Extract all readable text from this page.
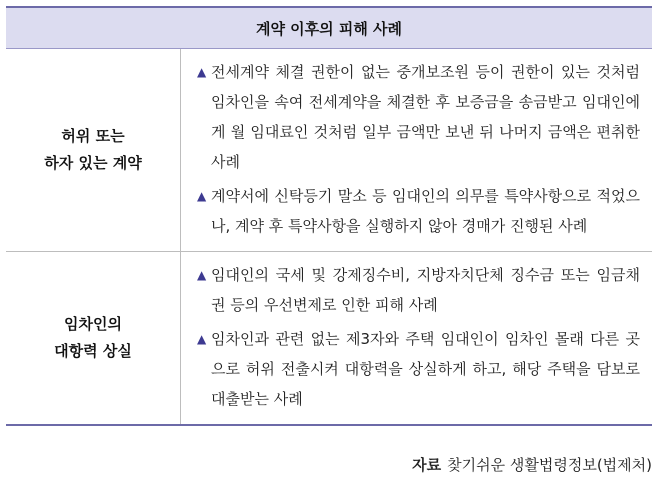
계약 이후의 피해 사례
허위 또는
하자 있는 계약
▲ 전세계약 체결 권한이 없는 중개보조원 등이 권한이 있는 것처럼 임차인을 속여 전세계약을 체결한 후 보증금을 송금받고 임대인에게 월 임대료인 것처럼 일부 금액만 보낸 뒤 나머지 금액은 편취한 사례
▲ 계약서에 신탁등기 말소 등 임대인의 의무를 특약사항으로 적었으나, 계약 후 특약사항을 실행하지 않아 경매가 진행된 사례
임차인의
대항력 상실
▲ 임대인의 국세 및 강제징수비, 지방자치단체 징수금 또는 임금채권 등의 우선변제로 인한 피해 사례
▲ 임차인과 관련 없는 제3자와 주택 임대인이 임차인 몰래 다른 곳으로 허위 전출시켜 대항력을 상실하게 하고, 해당 주택을 담보로 대출받는 사례
자료 찾기쉬운 생활법령정보(법제처)
